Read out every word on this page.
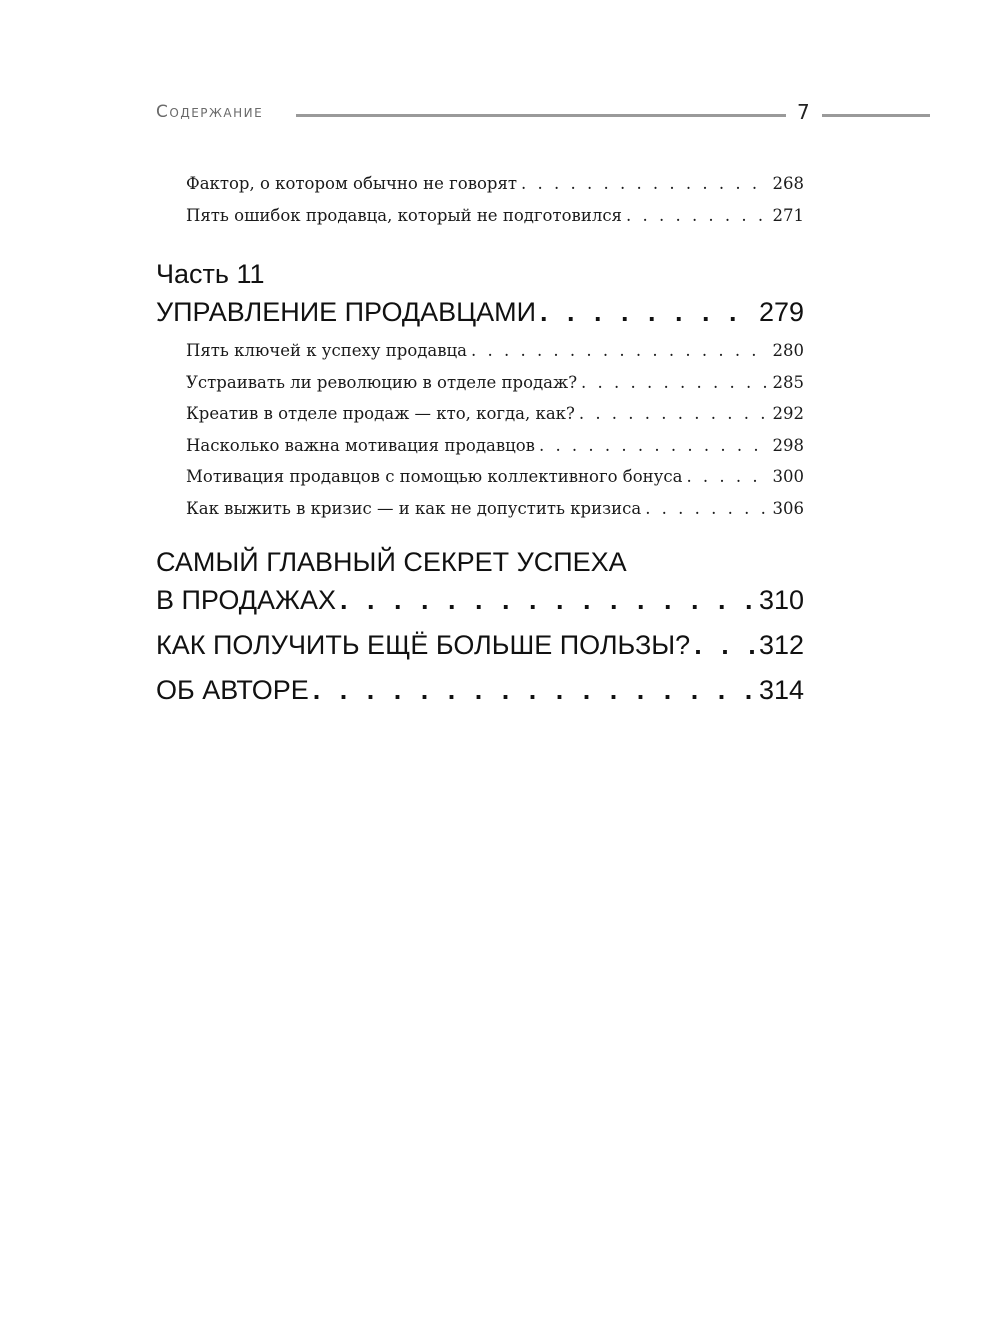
Содержание	7
Фактор, о котором обычно не говорят . . .	268
Пять ошибок продавца, который не подготовился . . .	271
Часть 11
УПРАВЛЕНИЕ ПРОДАВЦАМИ . . .	279
Пять ключей к успеху продавца . . .	280
Устраивать ли революцию в отделе продаж? . . .	285
Креатив в отделе продаж — кто, когда, как? . . .	292
Насколько важна мотивация продавцов . . .	298
Мотивация продавцов с помощью коллективного бонуса . . .	300
Как выжить в кризис — и как не допустить кризиса . . .	306
САМЫЙ ГЛАВНЫЙ СЕКРЕТ УСПЕХА
В ПРОДАЖАХ . . .	310
КАК ПОЛУЧИТЬ ЕЩЁ БОЛЬШЕ ПОЛЬЗЫ? . . .	312
ОБ АВТОРЕ . . .	314
